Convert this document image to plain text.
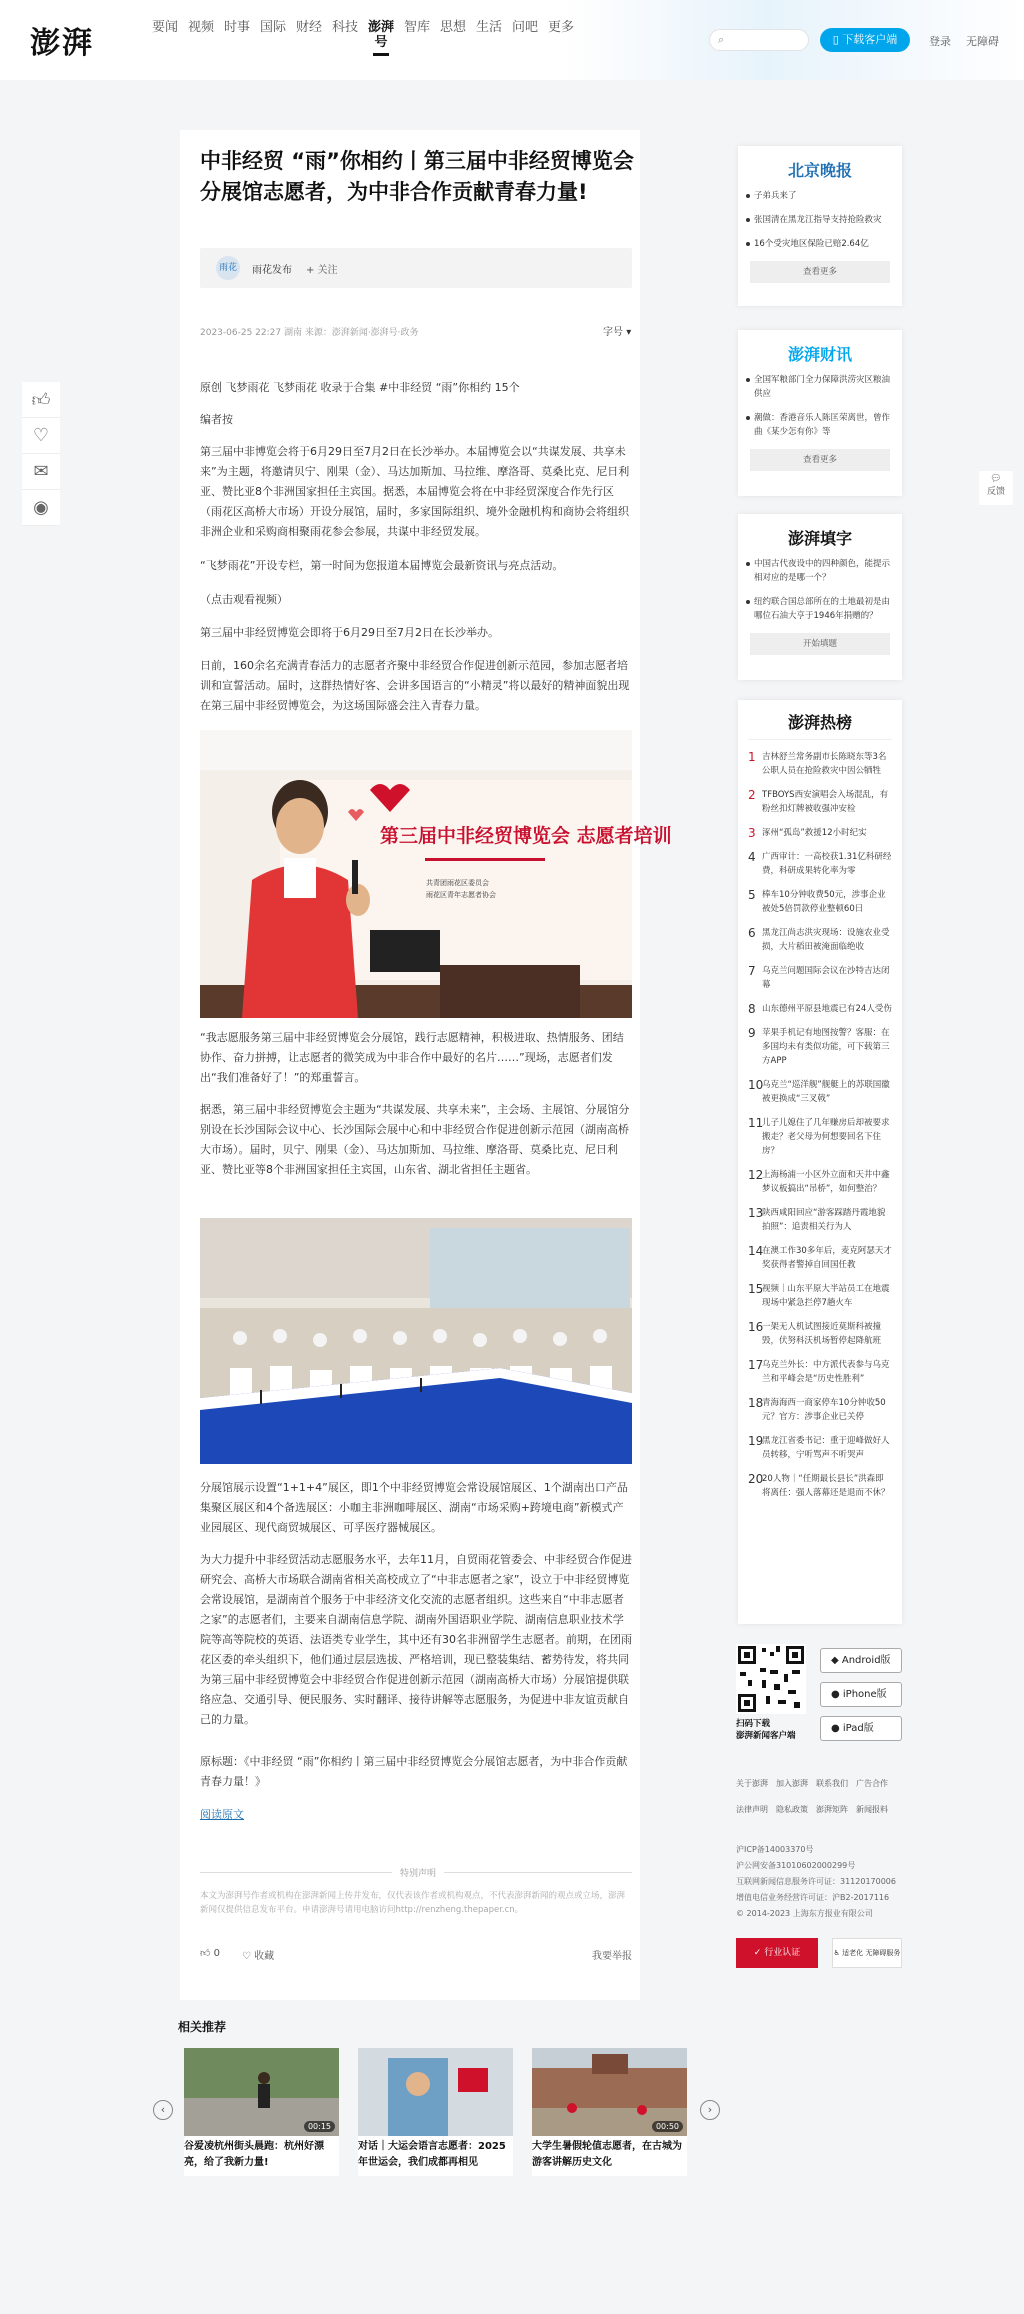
澎湃	要闻 视频 时事 国际 财经 科技 澎湃号
智库 思想 生活 问吧 更多
⌕	▯ 下载客户端	登录 无障碍
👍︎
♡
✉
◉
中非经贸 “雨”你相约丨第三届中非经贸博览会分展馆志愿者，为中非合作贡献青春力量!
雨花	雨花发布 + 关注
2023-06-25 22:27 湖南 来源：澎湃新闻·澎湃号·政务	字号 ▾
原创 飞梦雨花 飞梦雨花 收录于合集 #中非经贸 “雨”你相约 15个
编者按
第三届中非博览会将于6月29日至7月2日在长沙举办。本届博览会以“共谋发展、共享未来”为主题，将邀请贝宁、刚果（金）、马达加斯加、马拉维、摩洛哥、莫桑比克、尼日利亚、赞比亚8个非洲国家担任主宾国。据悉，本届博览会将在中非经贸深度合作先行区（雨花区高桥大市场）开设分展馆，届时，多家国际组织、境外金融机构和商协会将组织非洲企业和采购商相聚雨花参会参展，共谋中非经贸发展。
“飞梦雨花”开设专栏，第一时间为您报道本届博览会最新资讯与亮点活动。
（点击观看视频）
第三届中非经贸博览会即将于6月29日至7月2日在长沙举办。
日前，160余名充满青春活力的志愿者齐聚中非经贸合作促进创新示范园，参加志愿者培训和宣誓活动。届时，这群热情好客、会讲多国语言的“小精灵”将以最好的精神面貌出现在第三届中非经贸博览会，为这场国际盛会注入青春力量。
第三届中非经贸博览会 志愿者培训
共青团雨花区委员会
雨花区青年志愿者协会
“我志愿服务第三届中非经贸博览会分展馆，践行志愿精神，积极进取、热情服务、团结协作、奋力拼搏，让志愿者的微笑成为中非合作中最好的名片……”现场，志愿者们发出“我们准备好了！”的郑重誓言。
据悉，第三届中非经贸博览会主题为“共谋发展、共享未来”，主会场、主展馆、分展馆分别设在长沙国际会议中心、长沙国际会展中心和中非经贸合作促进创新示范园（湖南高桥大市场）。届时，贝宁、刚果（金）、马达加斯加、马拉维、摩洛哥、莫桑比克、尼日利亚、赞比亚等8个非洲国家担任主宾国，山东省、湖北省担任主题省。
分展馆展示设置“1+1+4”展区，即1个中非经贸博览会常设展馆展区、1个湖南出口产品集聚区展区和4个备选展区：小咖主非洲咖啡展区、湖南“市场采购+跨境电商”新模式产业园展区、现代商贸城展区、可孚医疗器械展区。
为大力提升中非经贸活动志愿服务水平，去年11月，自贸雨花管委会、中非经贸合作促进研究会、高桥大市场联合湖南省相关高校成立了“中非志愿者之家”，设立于中非经贸博览会常设展馆，是湖南首个服务于中非经济文化交流的志愿者组织。这些来自“中非志愿者之家”的志愿者们，主要来自湖南信息学院、湖南外国语职业学院、湖南信息职业技术学院等高等院校的英语、法语类专业学生，其中还有30名非洲留学生志愿者。前期，在团雨花区委的牵头组织下，他们通过层层选拔、严格培训，现已整装集结、蓄势待发，将共同为第三届中非经贸博览会中非经贸合作促进创新示范园（湖南高桥大市场）分展馆提供联络应急、交通引导、便民服务、实时翻译、接待讲解等志愿服务，为促进中非友谊贡献自己的力量。
原标题：《中非经贸 “雨”你相约丨第三届中非经贸博览会分展馆志愿者，为中非合作贡献青春力量！》
阅读原文
特别声明
本文为澎湃号作者或机构在澎湃新闻上传并发布，仅代表该作者或机构观点，不代表澎湃新闻的观点或立场，澎湃新闻仅提供信息发布平台。申请澎湃号请用电脑访问http://renzheng.thepaper.cn。
👍︎ 0 ♡ 收藏	我要举报
相关推荐
‹	›
00:15
谷爱凌杭州街头晨跑：杭州好漂亮，给了我新力量!
对话｜大运会语言志愿者：2025年世运会，我们成都再相见
00:50
大学生暑假轮值志愿者，在古城为游客讲解历史文化
北京晚报
子弟兵来了
张国清在黑龙江指导支持抢险救灾
16个受灾地区保险已赔2.64亿
查看更多
澎湃财讯
全国军粮部门全力保障洪涝灾区粮油供应
潮做：香港音乐人陈匡荣离世，曾作曲《某少怎有你》等
查看更多
澎湃填字
中国古代夜设中的四种颜色，能提示相对应的是哪一个？
纽约联合国总部所在的土地最初是由哪位石油大亨于1946年捐赠的？
开始填题
澎湃热榜
1 吉林舒兰常务副市长陈晓东等3名公职人员在抢险救灾中因公牺牲
2 TFBOYS西安演唱会入场混乱，有粉丝扣灯牌被收强冲安检
3 涿州“孤岛”救援12小时纪实
4 广西审计：一高校获1.31亿科研经费，科研成果转化率为零
5 棒车10分钟收费50元，涉事企业被处5倍罚款停业整顿60日
6 黑龙江尚志洪灾现场：设施农业受损，大片稻田被淹面临绝收
7 乌克兰问题国际会议在沙特吉达闭幕
8 山东德州平原县地震已有24人受伤
9 苹果手机记有地图按警？客服：在多国均未有类似功能，可下载第三方APP
10
乌克兰“巡洋舰”舰艇上的苏联国徽被更换成“三叉戟”
11
儿子儿媳住了几年赚房后却被要求搬走？老父母为何想要回名下住房？
12
上海杨浦一小区外立面和天井中鑫梦议板搞出“吊桥”，如何整治？
13
陕西咸阳回应“游客踩踏丹霞地貌拍照”：追责相关行为人
14
在澳工作30多年后，麦克阿瑟天才奖获得者警掉自回国任教
15
视频｜山东平原大半站员工在地震现场中紧急拦停7趟火车
16
一架无人机试图接近莫斯科被撞毁，伏努科沃机场暂停起降航班
17
乌克兰外长：中方派代表参与乌克兰和平峰会是“历史性胜利”
18
青海海西一商家停车10分钟收50元？官方：涉事企业已关停
19
黑龙江省委书记：重于迎峰做好人员转移，宁听骂声不听哭声
20
20人物｜“任期最长县长”洪森即将离任：强人落幕还是退而不休？
扫码下载
澎湃新闻客户端
◆ Android版
● iPhone版
● iPad版
关于澎湃 加入澎湃 联系我们 广告合作
法律声明 隐私政策 澎湃矩阵 新闻报料
沪ICP备14003370号
沪公网安备31010602000299号
互联网新闻信息服务许可证：31120170006
增值电信业务经营许可证：沪B2-2017116
© 2014-2023 上海东方报业有限公司
✓ 行业认证	♿ 适老化 无障碍服务
💬︎
反馈
